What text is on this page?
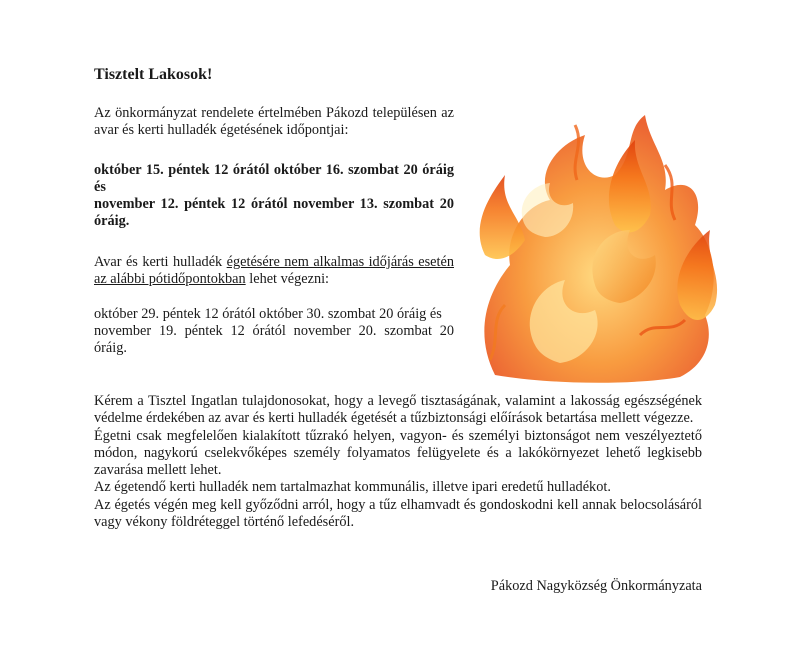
Tisztelt Lakosok!

Az önkormányzat rendelete értelmében Pákozd településen az avar és kerti hulladék égetésének időpontjai:

október 15. péntek 12 órától október 16. szombat 20 óráig és

november 12. péntek 12 órától november 13. szombat 20 óráig.

Avar és kerti hulladék égetésére nem alkalmas időjárás esetén az alábbi pótidőpontokban lehet végezni:

október 29. péntek 12 órától október 30. szombat 20 óráig és

november 19. péntek 12 órától november 20. szombat 20 óráig.

Kérem a Tisztel Ingatlan tulajdonosokat, hogy a levegő tisztaságának, valamint a lakosság egészségének védelme érdekében az avar és kerti hulladék égetését a tűzbiztonsági előírások betartása mellett végezze.

Égetni csak megfelelően kialakított tűzrakó helyen, vagyon- és személyi biztonságot nem veszélyeztető módon, nagykorú cselekvőképes személy folyamatos felügyelete és a lakókörnyezet lehető legkisebb zavarása mellett lehet.

Az égetendő kerti hulladék nem tartalmazhat kommunális, illetve ipari eredetű hulladékot.

Az égetés végén meg kell győződni arról, hogy a tűz elhamvadt és gondoskodni kell annak belocsolásáról vagy vékony földréteggel történő lefedéséről.

Pákozd Nagyközség Önkormányzata
